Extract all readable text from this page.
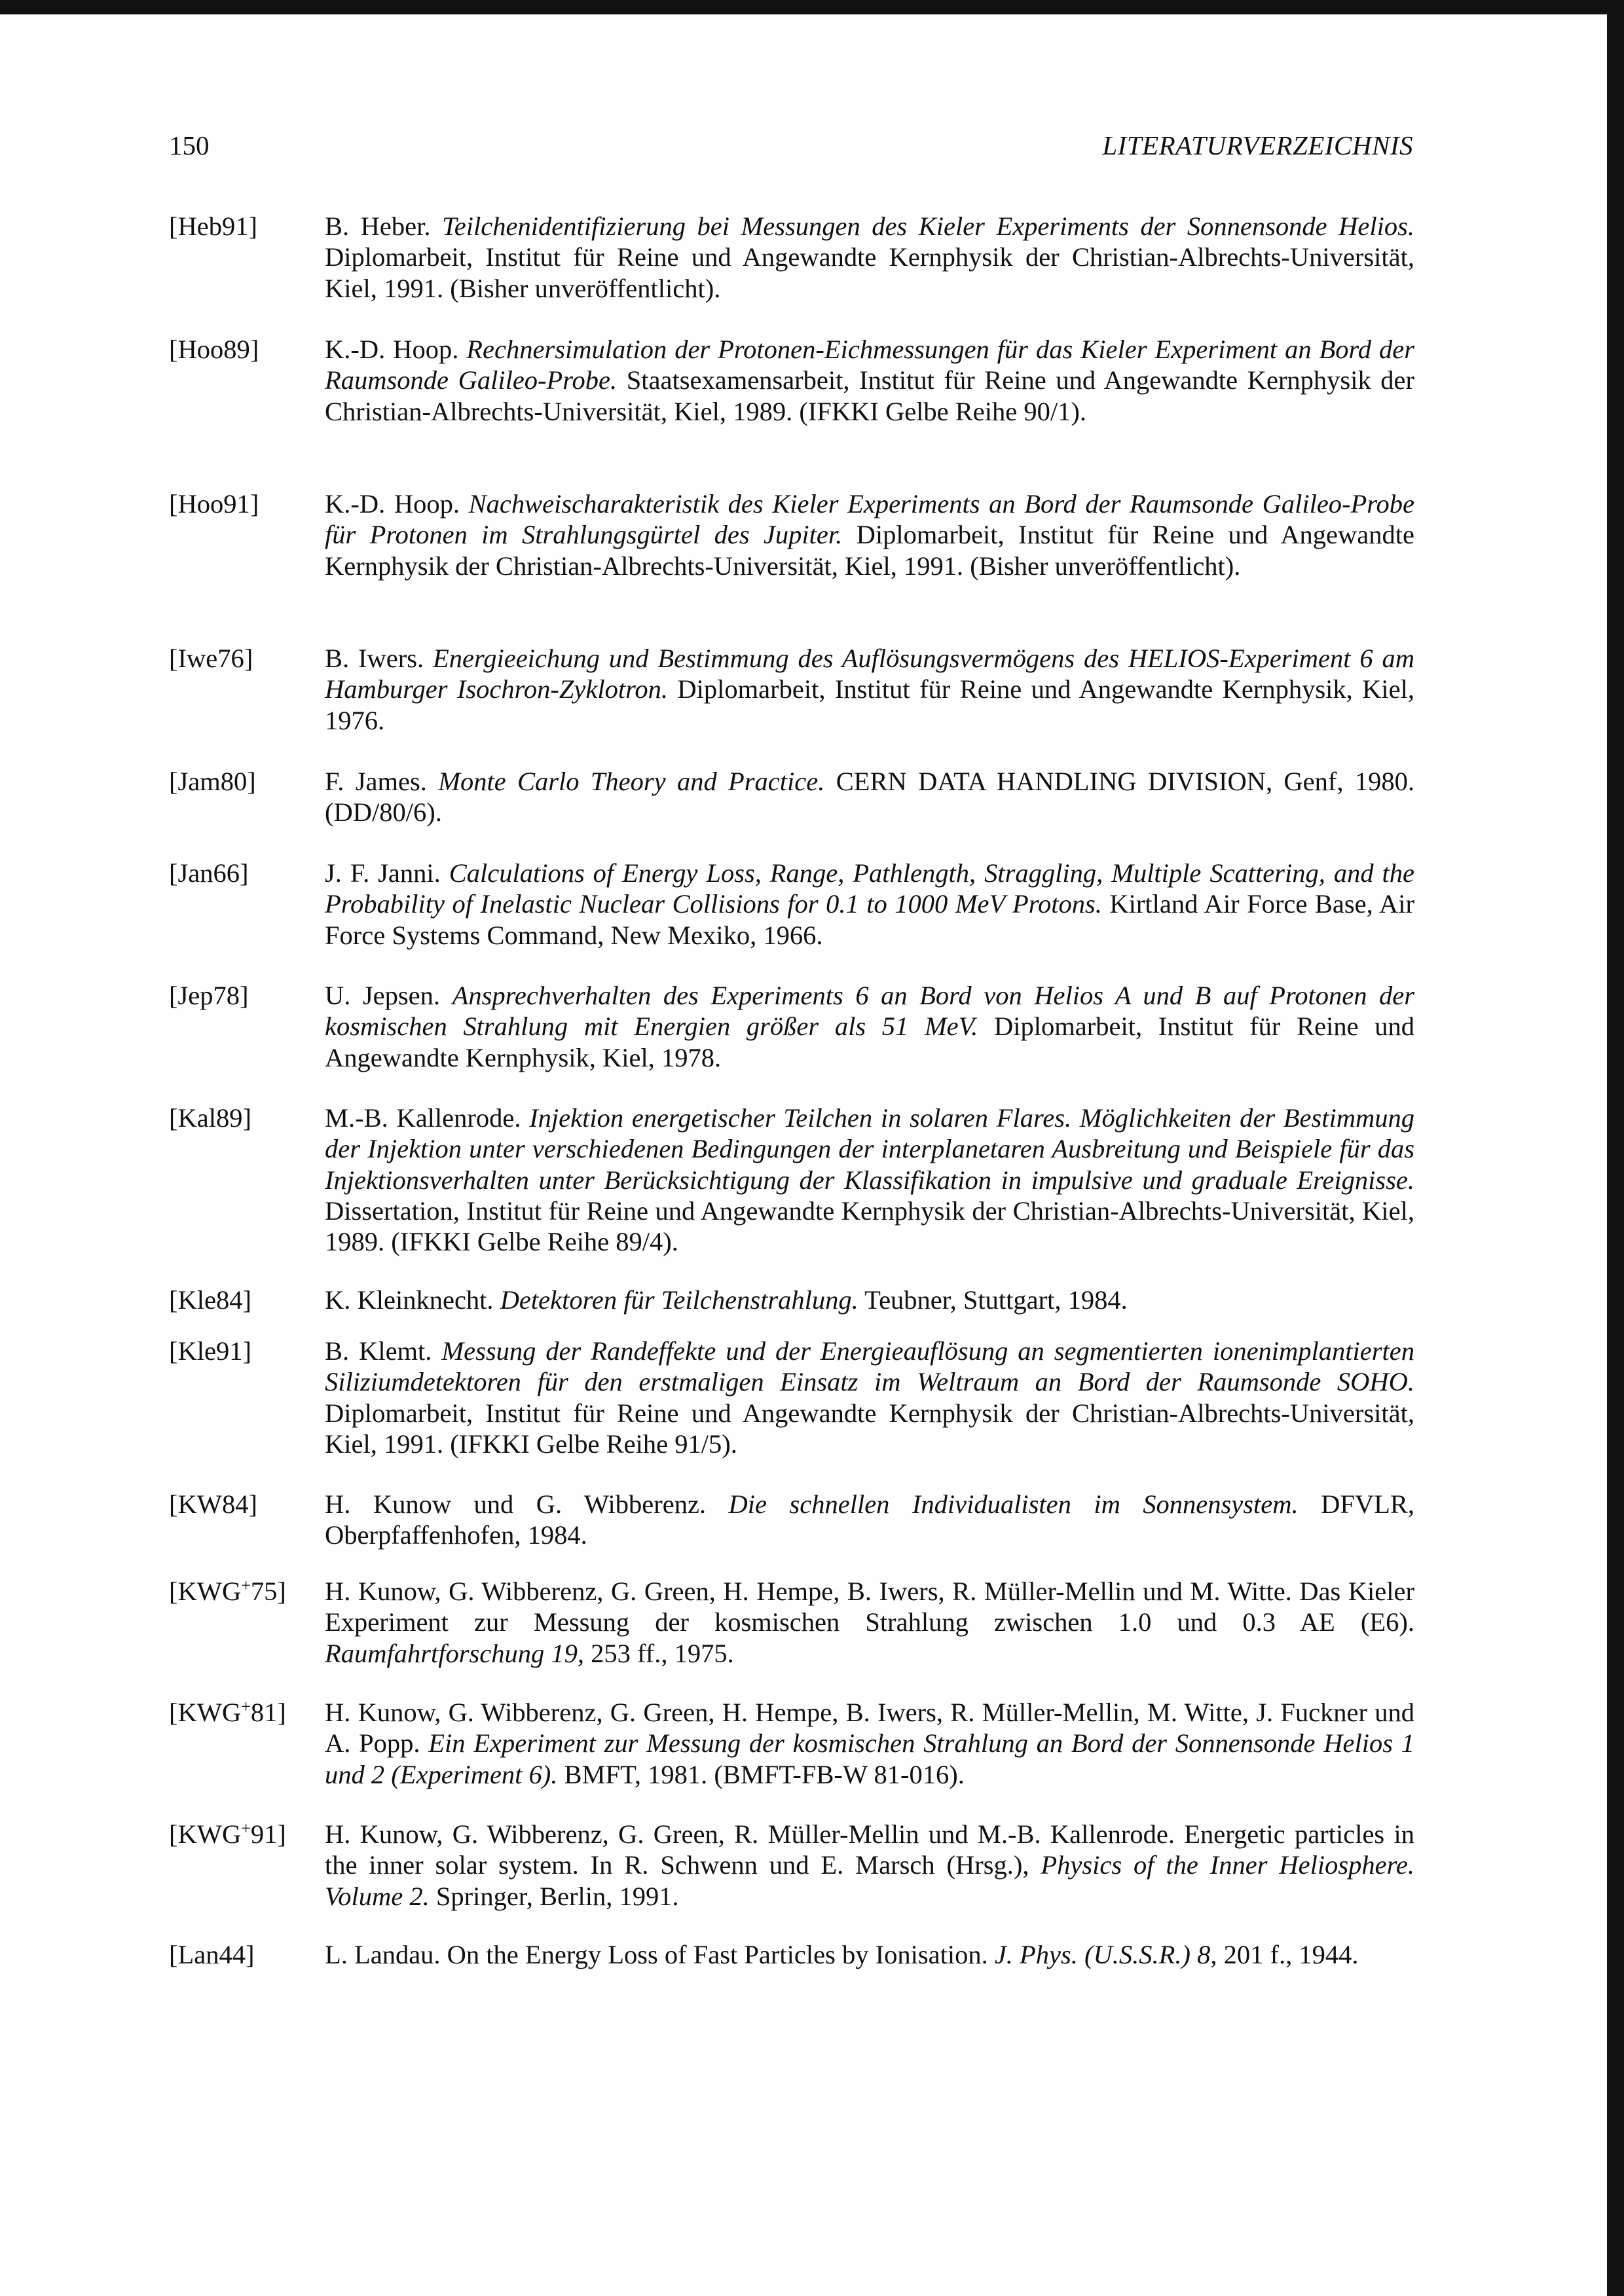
150	LITERATURVERZEICHNIS
[Heb91]	B. Heber. Teilchenidentifizierung bei Messungen des Kieler Experiments der Sonnensonde Helios. Diplomarbeit, Institut für Reine und Angewandte Kernphysik der Christian-Albrechts-Universität, Kiel, 1991. (Bisher unveröffentlicht).
[Hoo89] K.-D. Hoop. Rechnersimulation der Protonen-Eichmessungen für das Kieler Experiment an Bord der Raumsonde Galileo-Probe. Staatsexamensarbeit, Institut für Reine und Angewandte Kernphysik der Christian-Albrechts-Universität, Kiel, 1989. (IFKKI Gelbe Reihe 90/1).
[Hoo91] K.-D. Hoop. Nachweischarakteristik des Kieler Experiments an Bord der Raumsonde Galileo-Probe für Protonen im Strahlungsgürtel des Jupiter. Diplomarbeit, Institut für Reine und Angewandte Kernphysik der Christian-Albrechts-Universität, Kiel, 1991. (Bisher unveröffentlicht).
[Iwe76]	B. Iwers. Energieeichung und Bestimmung des Auflösungsvermögens des HELIOS-Experiment 6 am Hamburger Isochron-Zyklotron. Diplomarbeit, Institut für Reine und Angewandte Kernphysik, Kiel, 1976.
[Jam80]	F. James. Monte Carlo Theory and Practice. CERN DATA HANDLING DIVISION, Genf, 1980. (DD/80/6).
[Jan66]	J. F. Janni. Calculations of Energy Loss, Range, Pathlength, Straggling, Multiple Scattering, and the Probability of Inelastic Nuclear Collisions for 0.1 to 1000 MeV Protons. Kirtland Air Force Base, Air Force Systems Command, New Mexiko, 1966.
[Jep78]	U. Jepsen. Ansprechverhalten des Experiments 6 an Bord von Helios A und B auf Protonen der kosmischen Strahlung mit Energien größer als 51 MeV. Diplomarbeit, Institut für Reine und Angewandte Kernphysik, Kiel, 1978.
[Kal89]	M.-B. Kallenrode. Injektion energetischer Teilchen in solaren Flares. Möglichkeiten der Bestimmung der Injektion unter verschiedenen Bedingungen der interplanetaren Ausbreitung und Beispiele für das Injektionsverhalten unter Berücksichtigung der Klassifikation in impulsive und graduale Ereignisse. Dissertation, Institut für Reine und Angewandte Kernphysik der Christian-Albrechts-Universität, Kiel, 1989. (IFKKI Gelbe Reihe 89/4).
[Kle84]	K. Kleinknecht. Detektoren für Teilchenstrahlung. Teubner, Stuttgart, 1984.
[Kle91]	B. Klemt. Messung der Randeffekte und der Energieauflösung an segmentierten ionenimplantierten Siliziumdetektoren für den erstmaligen Einsatz im Weltraum an Bord der Raumsonde SOHO. Diplomarbeit, Institut für Reine und Angewandte Kernphysik der Christian-Albrechts-Universität, Kiel, 1991. (IFKKI Gelbe Reihe 91/5).
[KW84]	H. Kunow und G. Wibberenz. Die schnellen Individualisten im Sonnensystem. DFVLR, Oberpfaffenhofen, 1984.
[KWG+75] H. Kunow, G. Wibberenz, G. Green, H. Hempe, B. Iwers, R. Müller-Mellin und M. Witte. Das Kieler Experiment zur Messung der kosmischen Strahlung zwischen 1.0 und 0.3 AE (E6). Raumfahrtforschung 19, 253 ff., 1975.
[KWG+81] H. Kunow, G. Wibberenz, G. Green, H. Hempe, B. Iwers, R. Müller-Mellin, M. Witte, J. Fuckner und A. Popp. Ein Experiment zur Messung der kosmischen Strahlung an Bord der Sonnensonde Helios 1 und 2 (Experiment 6). BMFT, 1981. (BMFT-FB-W 81-016).
[KWG+91] H. Kunow, G. Wibberenz, G. Green, R. Müller-Mellin und M.-B. Kallenrode. Energetic particles in the inner solar system. In R. Schwenn und E. Marsch (Hrsg.), Physics of the Inner Heliosphere. Volume 2. Springer, Berlin, 1991.
[Lan44]	L. Landau. On the Energy Loss of Fast Particles by Ionisation. J. Phys. (U.S.S.R.) 8, 201 f., 1944.
